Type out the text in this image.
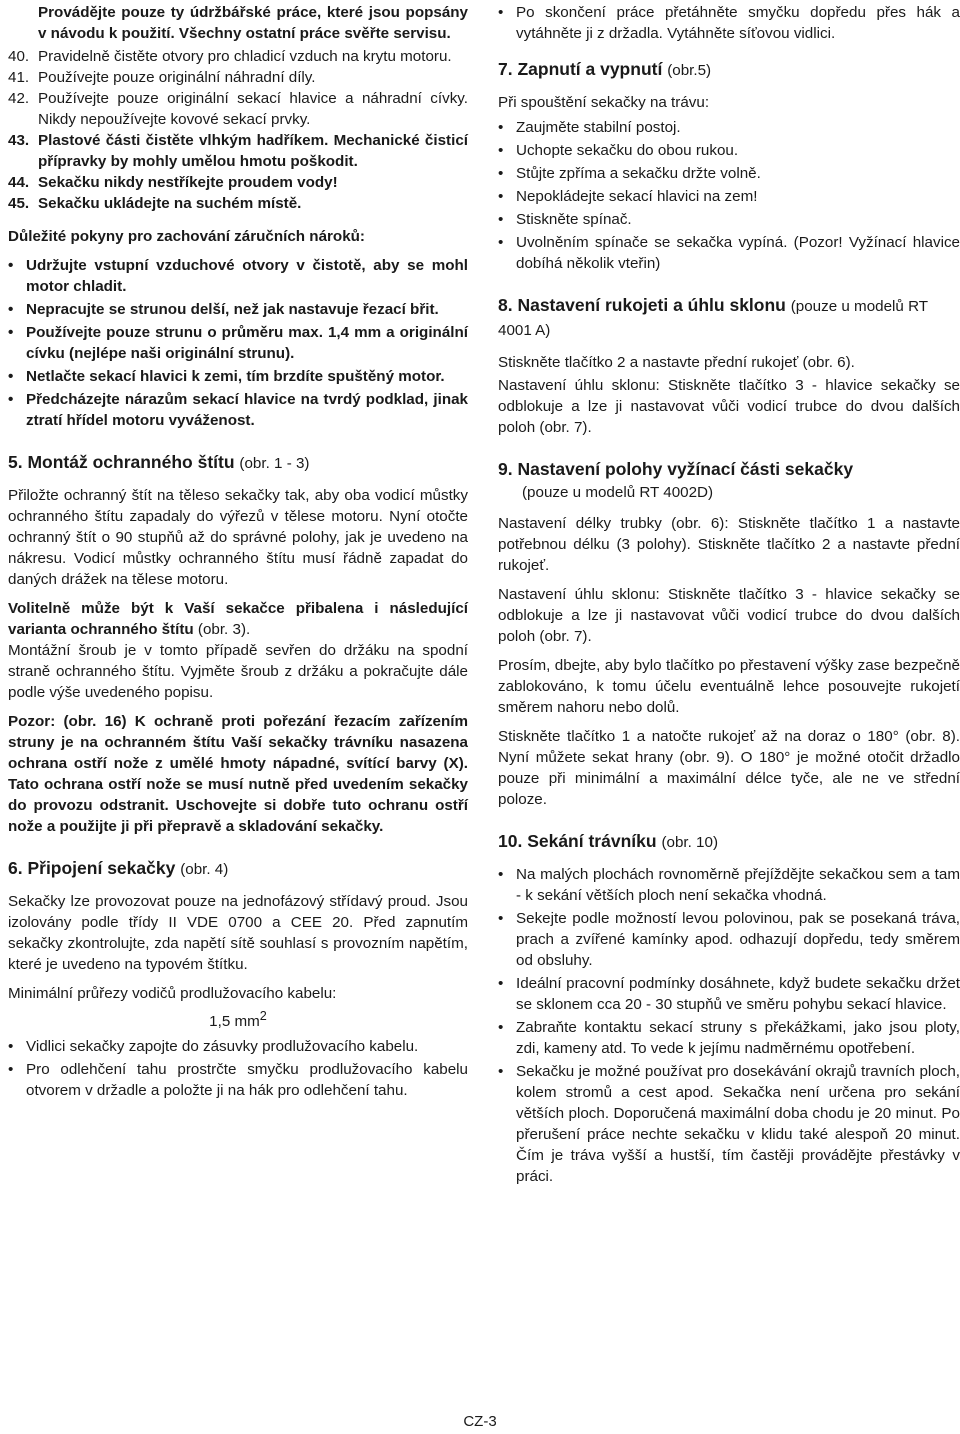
Provádějte pouze ty údržbářské práce, které jsou popsány v návodu k použití. Všechny ostatní práce svěřte servisu.

40. Pravidelně čistěte otvory pro chladicí vzduch na krytu motoru.
41. Používejte pouze originální náhradní díly.
42. Používejte pouze originální sekací hlavice a náhradní cívky. Nikdy nepoužívejte kovové sekací prvky.
43. Plastové části čistěte vlhkým hadříkem. Mechanické čisticí přípravky by mohly umělou hmotu poškodit.
44. Sekačku nikdy nestříkejte proudem vody!
45. Sekačku ukládejte na suchém místě.

Důležité pokyny pro zachování záručních nároků:

• Udržujte vstupní vzduchové otvory v čistotě, aby se mohl motor chladit.
• Nepracujte se strunou delší, než jak nastavuje řezací břit.
• Používejte pouze strunu o průměru max. 1,4 mm a originální cívku (nejlépe naši originální strunu).
• Netlačte sekací hlavici k zemi, tím brzdíte spuštěný motor.
• Předcházejte nárazům sekací hlavice na tvrdý podklad, jinak ztratí hřídel motoru vyváženost.
5. Montáž ochranného štítu (obr. 1 - 3)

Přiložte ochranný štít na těleso sekačky tak, aby oba vodicí můstky ochranného štítu zapadaly do výřezů v tělese motoru. Nyní otočte ochranný štít o 90 stupňů až do správné polohy, jak je uvedeno na nákresu. Vodicí můstky ochranného štítu musí řádně zapadat do daných drážek na tělese motoru.

Volitelně může být k Vaší sekačce přibalena i následující varianta ochranného štítu (obr. 3).
Montážní šroub je v tomto případě sevřen do držáku na spodní straně ochranného štítu. Vyjměte šroub z držáku a pokračujte dále podle výše uvedeného popisu.

Pozor: (obr. 16) K ochraně proti pořezání řezacím zařízením struny je na ochranném štítu Vaší sekačky trávníku nasazena ochrana ostří nože z umělé hmoty nápadné, svítící barvy (X). Tato ochrana ostří nože se musí nutně před uvedením sekačky do provozu odstranit. Uschovejte si dobře tuto ochranu ostří nože a použijte ji při přepravě a skladování sekačky.

6. Připojení sekačky (obr. 4)

Sekačky lze provozovat pouze na jednofázový střídavý proud. Jsou izolovány podle třídy II VDE 0700 a CEE 20. Před zapnutím sekačky zkontrolujte, zda napětí sítě souhlasí s provozním napětím, které je uvedeno na typovém štítku.

Minimální průřezy vodičů prodlužovacího kabelu:

1,5 $mm^2$

• Vidlici sekačky zapojte do zásuvky prodlužovacího kabelu.
• Pro odlehčení tahu prostrčte smyčku prodlužovacího kabelu otvorem v držadle a položte ji na hák pro odlehčení tahu.
• Po skončení práce přetáhněte smyčku dopředu přes hák a vytáhněte ji z držadla. Vytáhněte síťovou vidlici.
7. Zapnutí a vypnutí (obr.5)

Při spouštění sekačky na trávu:

• Zaujměte stabilní postoj.
• Uchopte sekačku do obou rukou.
• Stůjte zpříma a sekačku držte volně.
• Nepokládejte sekací hlavici na zem!
• Stiskněte spínač.
• Uvolněním spínače se sekačka vypíná. (Pozor! Vyžínací hlavice dobíhá několik vteřin)
8. Nastavení rukojeti a úhlu sklonu (pouze u modelů RT 4001 A)

Stiskněte tlačítko 2 a nastavte přední rukojeť (obr. 6).

Nastavení úhlu sklonu: Stiskněte tlačítko 3 - hlavice sekačky se odblokuje a lze ji nastavovat vůči vodicí trubce do dvou dalších poloh (obr. 7).

9. Nastavení polohy vyžínací části sekačky

(pouze u modelů RT 4002D)

Nastavení délky trubky (obr. 6): Stiskněte tlačítko 1 a nastavte potřebnou délku (3 polohy). Stiskněte tlačítko 2 a nastavte přední rukojeť.

Nastavení úhlu sklonu: Stiskněte tlačítko 3 - hlavice sekačky se odblokuje a lze ji nastavovat vůči vodicí trubce do dvou dalších poloh (obr. 7).

Prosím, dbejte, aby bylo tlačítko po přestavení výšky zase bezpečně zablokováno, k tomu účelu eventuálně lehce posouvejte rukojetí směrem nahoru nebo dolů.

Stiskněte tlačítko 1 a natočte rukojeť až na doraz o 180° (obr. 8). Nyní můžete sekat hrany (obr. 9). O 180° je možné otočit držadlo pouze při minimální a maximální délce tyče, ale ne ve střední poloze.

10. Sekání trávníku (obr. 10)
• Na malých plochách rovnoměrně přejíždějte sekačkou sem a tam - k sekání větších ploch není sekačka vhodná.
• Sekejte podle možností levou polovinou, pak se posekaná tráva, prach a zvířené kamínky apod. odhazují dopředu, tedy směrem od obsluhy.
• Ideální pracovní podmínky dosáhnete, když budete sekačku držet se sklonem cca 20 - 30 stupňů ve směru pohybu sekací hlavice.
• Zabraňte kontaktu sekací struny s překážkami, jako jsou ploty, zdi, kameny atd. To vede k jejímu nadměrnému opotřebení.
• Sekačku je možné používat pro dosekávání okrajů travních ploch, kolem stromů a cest apod. Sekačka není určena pro sekání větších ploch. Doporučená maximální doba chodu je 20 minut. Po přerušení práce nechte sekačku v klidu také alespoň 20 minut. Čím je tráva vyšší a hustší, tím častěji provádějte přestávky v práci.
CZ-3
